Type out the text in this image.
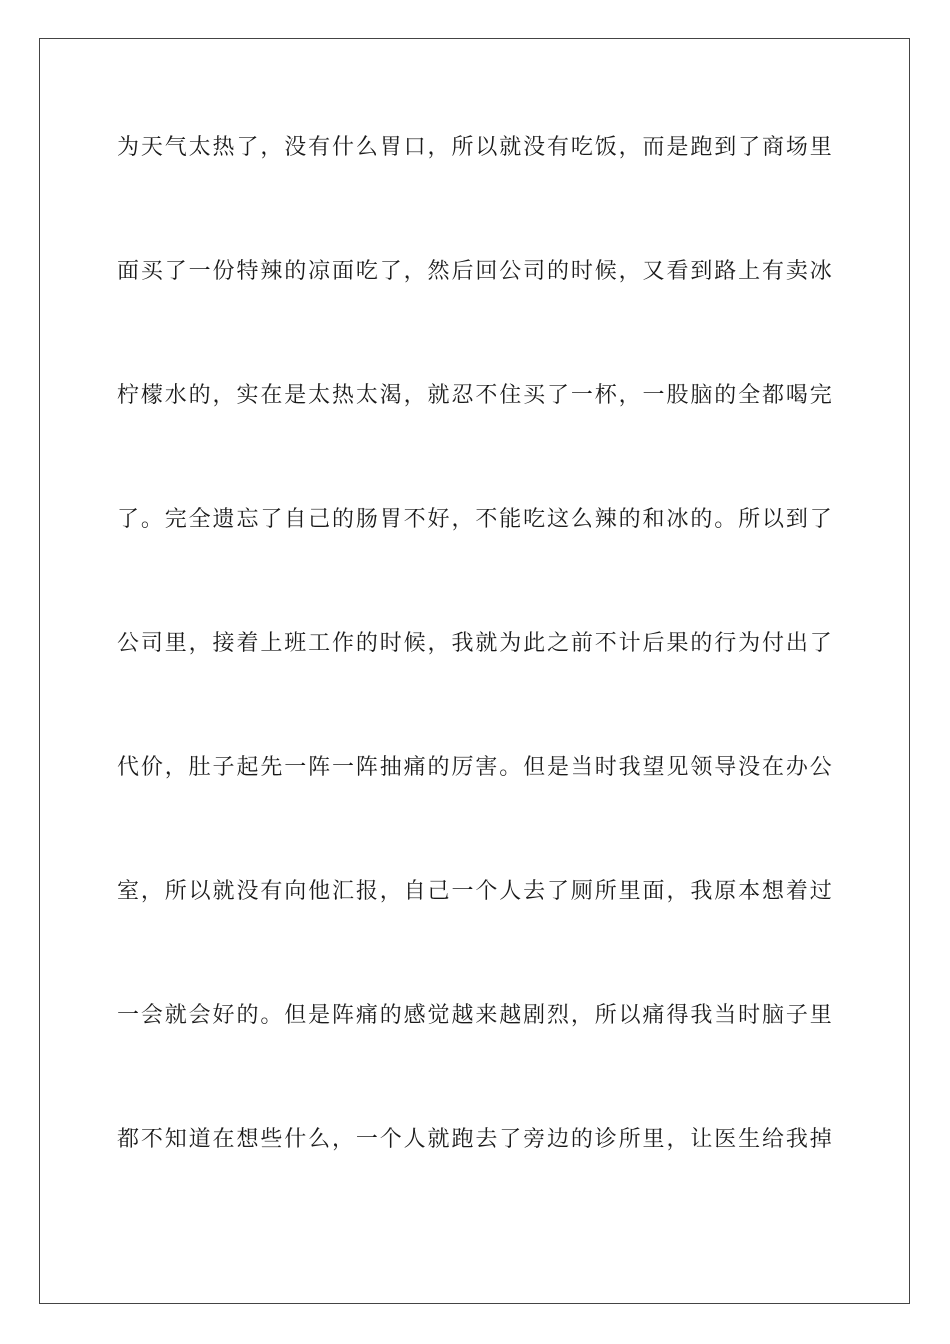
为天气太热了，没有什么胃口，所以就没有吃饭，而是跑到了商场里
面买了一份特辣的凉面吃了，然后回公司的时候，又看到路上有卖冰
柠檬水的，实在是太热太渴，就忍不住买了一杯，一股脑的全都喝完
了。完全遗忘了自己的肠胃不好，不能吃这么辣的和冰的。所以到了
公司里，接着上班工作的时候，我就为此之前不计后果的行为付出了
代价，肚子起先一阵一阵抽痛的厉害。但是当时我望见领导没在办公
室，所以就没有向他汇报，自己一个人去了厕所里面，我原本想着过
一会就会好的。但是阵痛的感觉越来越剧烈，所以痛得我当时脑子里
都不知道在想些什么，一个人就跑去了旁边的诊所里，让医生给我掉
